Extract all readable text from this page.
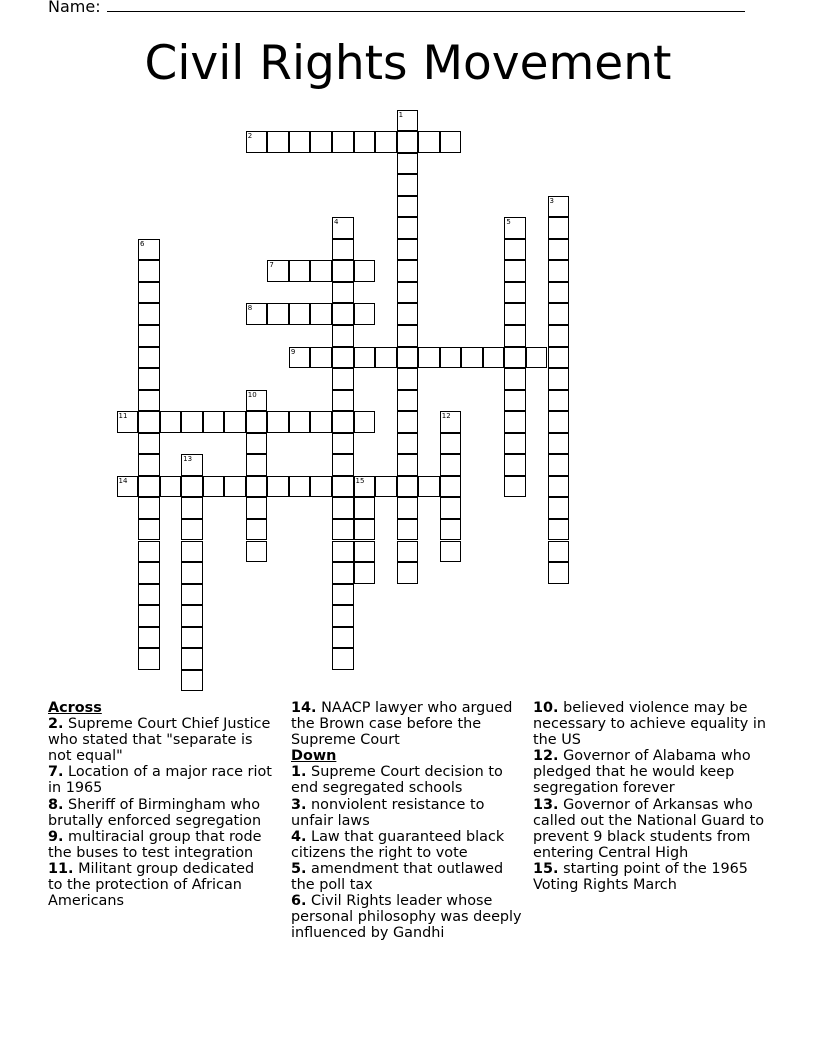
Name:
Civil Rights Movement
1
2
3
4	5
6
7
8
9
10
11	12
13
14	15
Across
2. Supreme Court Chief Justice who stated that "separate is not equal"
7. Location of a major race riot in 1965
8. Sheriff of Birmingham who brutally enforced segregation
9. multiracial group that rode the buses to test integration
11. Militant group dedicated to the protection of African Americans
14. NAACP lawyer who argued the Brown case before the Supreme Court
Down
1. Supreme Court decision to end segregated schools
3. nonviolent resistance to unfair laws
4. Law that guaranteed black citizens the right to vote
5. amendment that outlawed the poll tax
6. Civil Rights leader whose personal philosophy was deeply influenced by Gandhi
10. believed violence may be necessary to achieve equality in the US
12. Governor of Alabama who pledged that he would keep segregation forever
13. Governor of Arkansas who called out the National Guard to prevent 9 black students from entering Central High
15. starting point of the 1965 Voting Rights March
